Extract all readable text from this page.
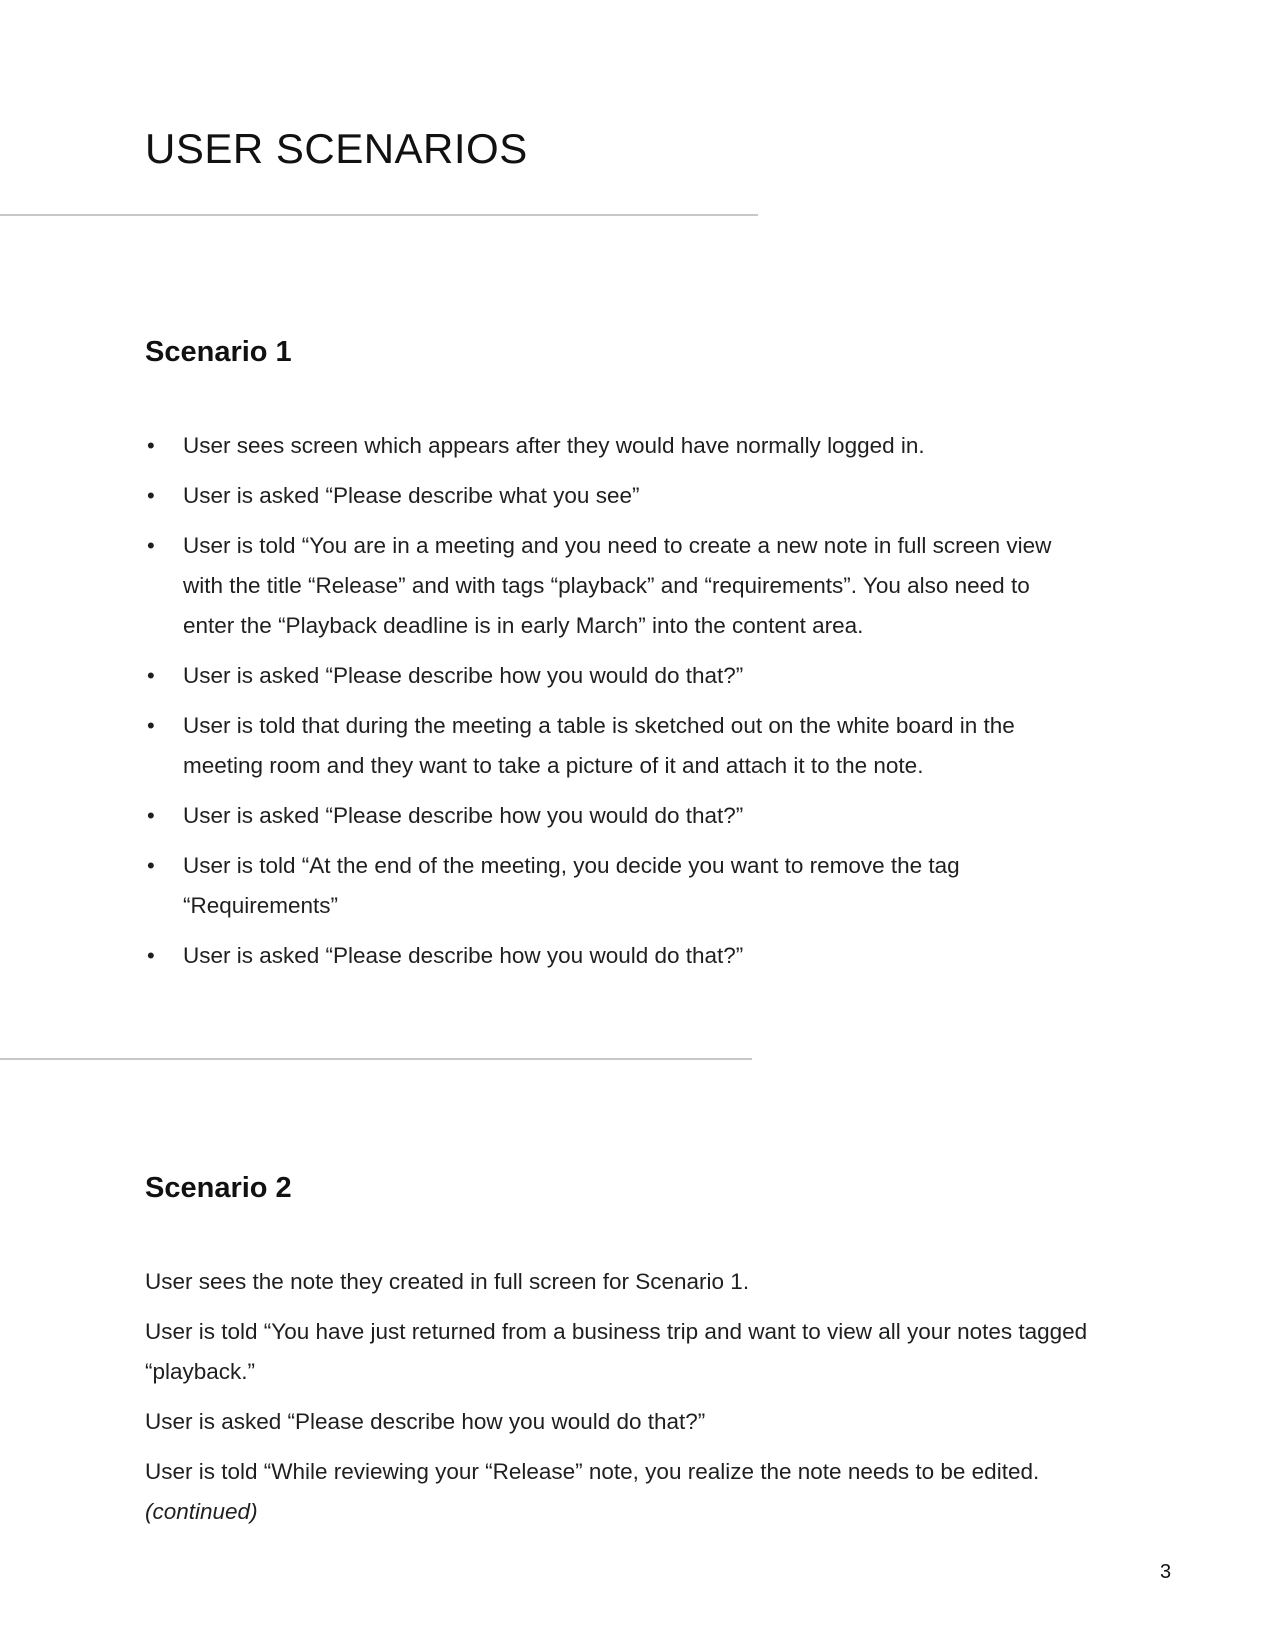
USER SCENARIOS
Scenario 1
• User sees screen which appears after they would have normally logged in.
• User is asked “Please describe what you see”
• User is told “You are in a meeting and you need to create a new note in full screen view with the title “Release” and with tags “playback” and “requirements”. You also need to enter the “Playback deadline is in early March” into the content area.
• User is asked “Please describe how you would do that?”
• User is told that during the meeting a table is sketched out on the white board in the meeting room and they want to take a picture of it and attach it to the note.
• User is asked “Please describe how you would do that?”
• User is told “At the end of the meeting, you decide you want to remove the tag “Requirements”
• User is asked “Please describe how you would do that?”
Scenario 2

User sees the note they created in full screen for Scenario 1.

User is told “You have just returned from a business trip and want to view all your notes tagged “playback.”

User is asked “Please describe how you would do that?”

User is told “While reviewing your “Release” note, you realize the note needs to be edited.
(continued)

3
